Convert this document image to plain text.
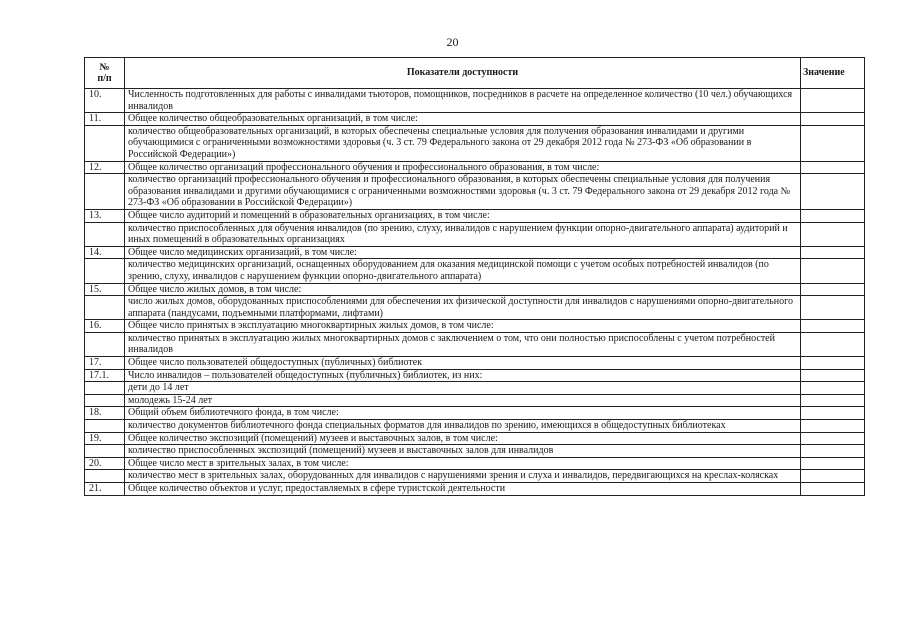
20
№
п/п	Показатели доступности	Значение
10.	Численность подготовленных для работы с инвалидами тьюторов, помощников, посредников в расчете на определенное количество (10 чел.) обучающихся инвалидов	
11.	Общее количество общеобразовательных организаций, в том числе:	
	количество общеобразовательных организаций, в которых обеспечены специальные условия для получения образования инвалидами и другими обучающимися с ограниченными возможностями здоровья (ч. 3 ст. 79 Федерального закона от 29 декабря 2012 года № 273-ФЗ «Об образовании в Российской Федерации»)	
12.	Общее количество организаций профессионального обучения и профессионального образования, в том числе:	
	количество организаций профессионального обучения и профессионального образования, в которых обеспечены специальные условия для получения образования инвалидами и другими обучающимися с ограниченными возможностями здоровья (ч. 3 ст. 79 Федерального закона от 29 декабря 2012 года № 273-ФЗ «Об образовании в Российской Федерации»)	
13.	Общее число аудиторий и помещений в образовательных организациях, в том числе:	
	количество приспособленных для обучения инвалидов (по зрению, слуху, инвалидов с нарушением функции опорно-двигательного аппарата) аудиторий и иных помещений в образовательных организациях	
14.	Общее число медицинских организаций, в том числе:	
	количество медицинских организаций, оснащенных оборудованием для оказания медицинской помощи с учетом особых потребностей инвалидов (по зрению, слуху, инвалидов с нарушением функции опорно-двигательного аппарата)	
15.	Общее число жилых домов, в том числе:	
	число жилых домов, оборудованных приспособлениями для обеспечения их физической доступности для инвалидов с нарушениями опорно-двигательного аппарата (пандусами, подъемными платформами, лифтами)	
16.	Общее число принятых в эксплуатацию многоквартирных жилых домов, в том числе:	
	количество принятых в эксплуатацию жилых многоквартирных домов с заключением о том, что они полностью приспособлены с учетом потребностей инвалидов	
17.	Общее число пользователей общедоступных (публичных) библиотек	
17.1.	Число инвалидов – пользователей общедоступных (публичных) библиотек, из них:	
	дети до 14 лет	
	молодежь 15-24 лет	
18.	Общий объем библиотечного фонда, в том числе:	
	количество документов библиотечного фонда специальных форматов для инвалидов по зрению, имеющихся в общедоступных библиотеках	
19.	Общее количество экспозиций (помещений) музеев и выставочных залов, в том числе:	
	количество приспособленных экспозиций (помещений) музеев и выставочных залов для инвалидов	
20.	Общее число мест в зрительных залах, в том числе:	
	количество мест в зрительных залах, оборудованных для инвалидов с нарушениями зрения и слуха и инвалидов, передвигающихся на креслах-колясках	
21.	Общее количество объектов и услуг, предоставляемых в сфере туристской деятельности	
